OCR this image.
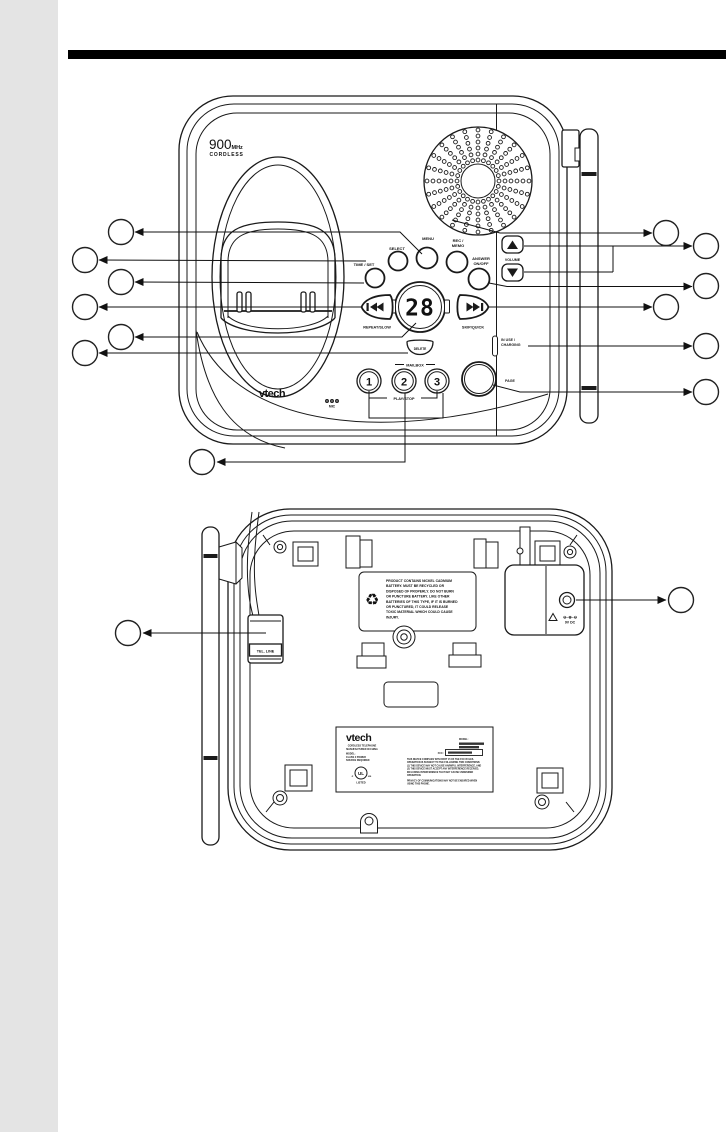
900 MHz
CORDLESS
TIME / SET
SELECT
MENU	REC /
MEMO
ANSWER
ON/OFF
VOLUME
28
REPEAT/SLOW	SKIP/QUICK
DELETE
MAILBOX
1	2 3
PLAY/STOP
PAGE
IN USE /
CHARGING
vtech
MIC
TEL. LINE
⊖–⊕–⊖
9V DC
♻
PRODUCT CONTAINS NICKEL CADMIUM
BATTERY. MUST BE RECYCLED OR
DISPOSED OF PROPERLY. DO NOT BURN
OR PUNCTURE BATTERY. LIKE OTHER
BATTERIES OF THIS TYPE, IF IT IS BURNED
OR PUNCTURED, IT COULD RELEASE
TOXIC MATERIAL WHICH COULD CAUSE
INJURY.
vtech
CORDLESS TELEPHONE
MANUFACTURED IN CHINA
MODEL:
CLASS 2 POWER
SOURCE REQUIRED
UL
c	us
LISTED
MODEL:
FCC:
THIS DEVICE COMPLIES WITH PART 15 OF THE FCC RULES.
OPERATION IS SUBJECT TO THE FOLLOWING TWO CONDITIONS:
(1) THIS DEVICE MAY NOT CAUSE HARMFUL INTERFERENCE, AND
(2) THIS DEVICE MUST ACCEPT ANY INTERFERENCE RECEIVED,
INCLUDING INTERFERENCE THAT MAY CAUSE UNDESIRED
OPERATION.
PRIVACY OF COMMUNICATIONS MAY NOT BE ENSURED WHEN
USING THIS PHONE.
